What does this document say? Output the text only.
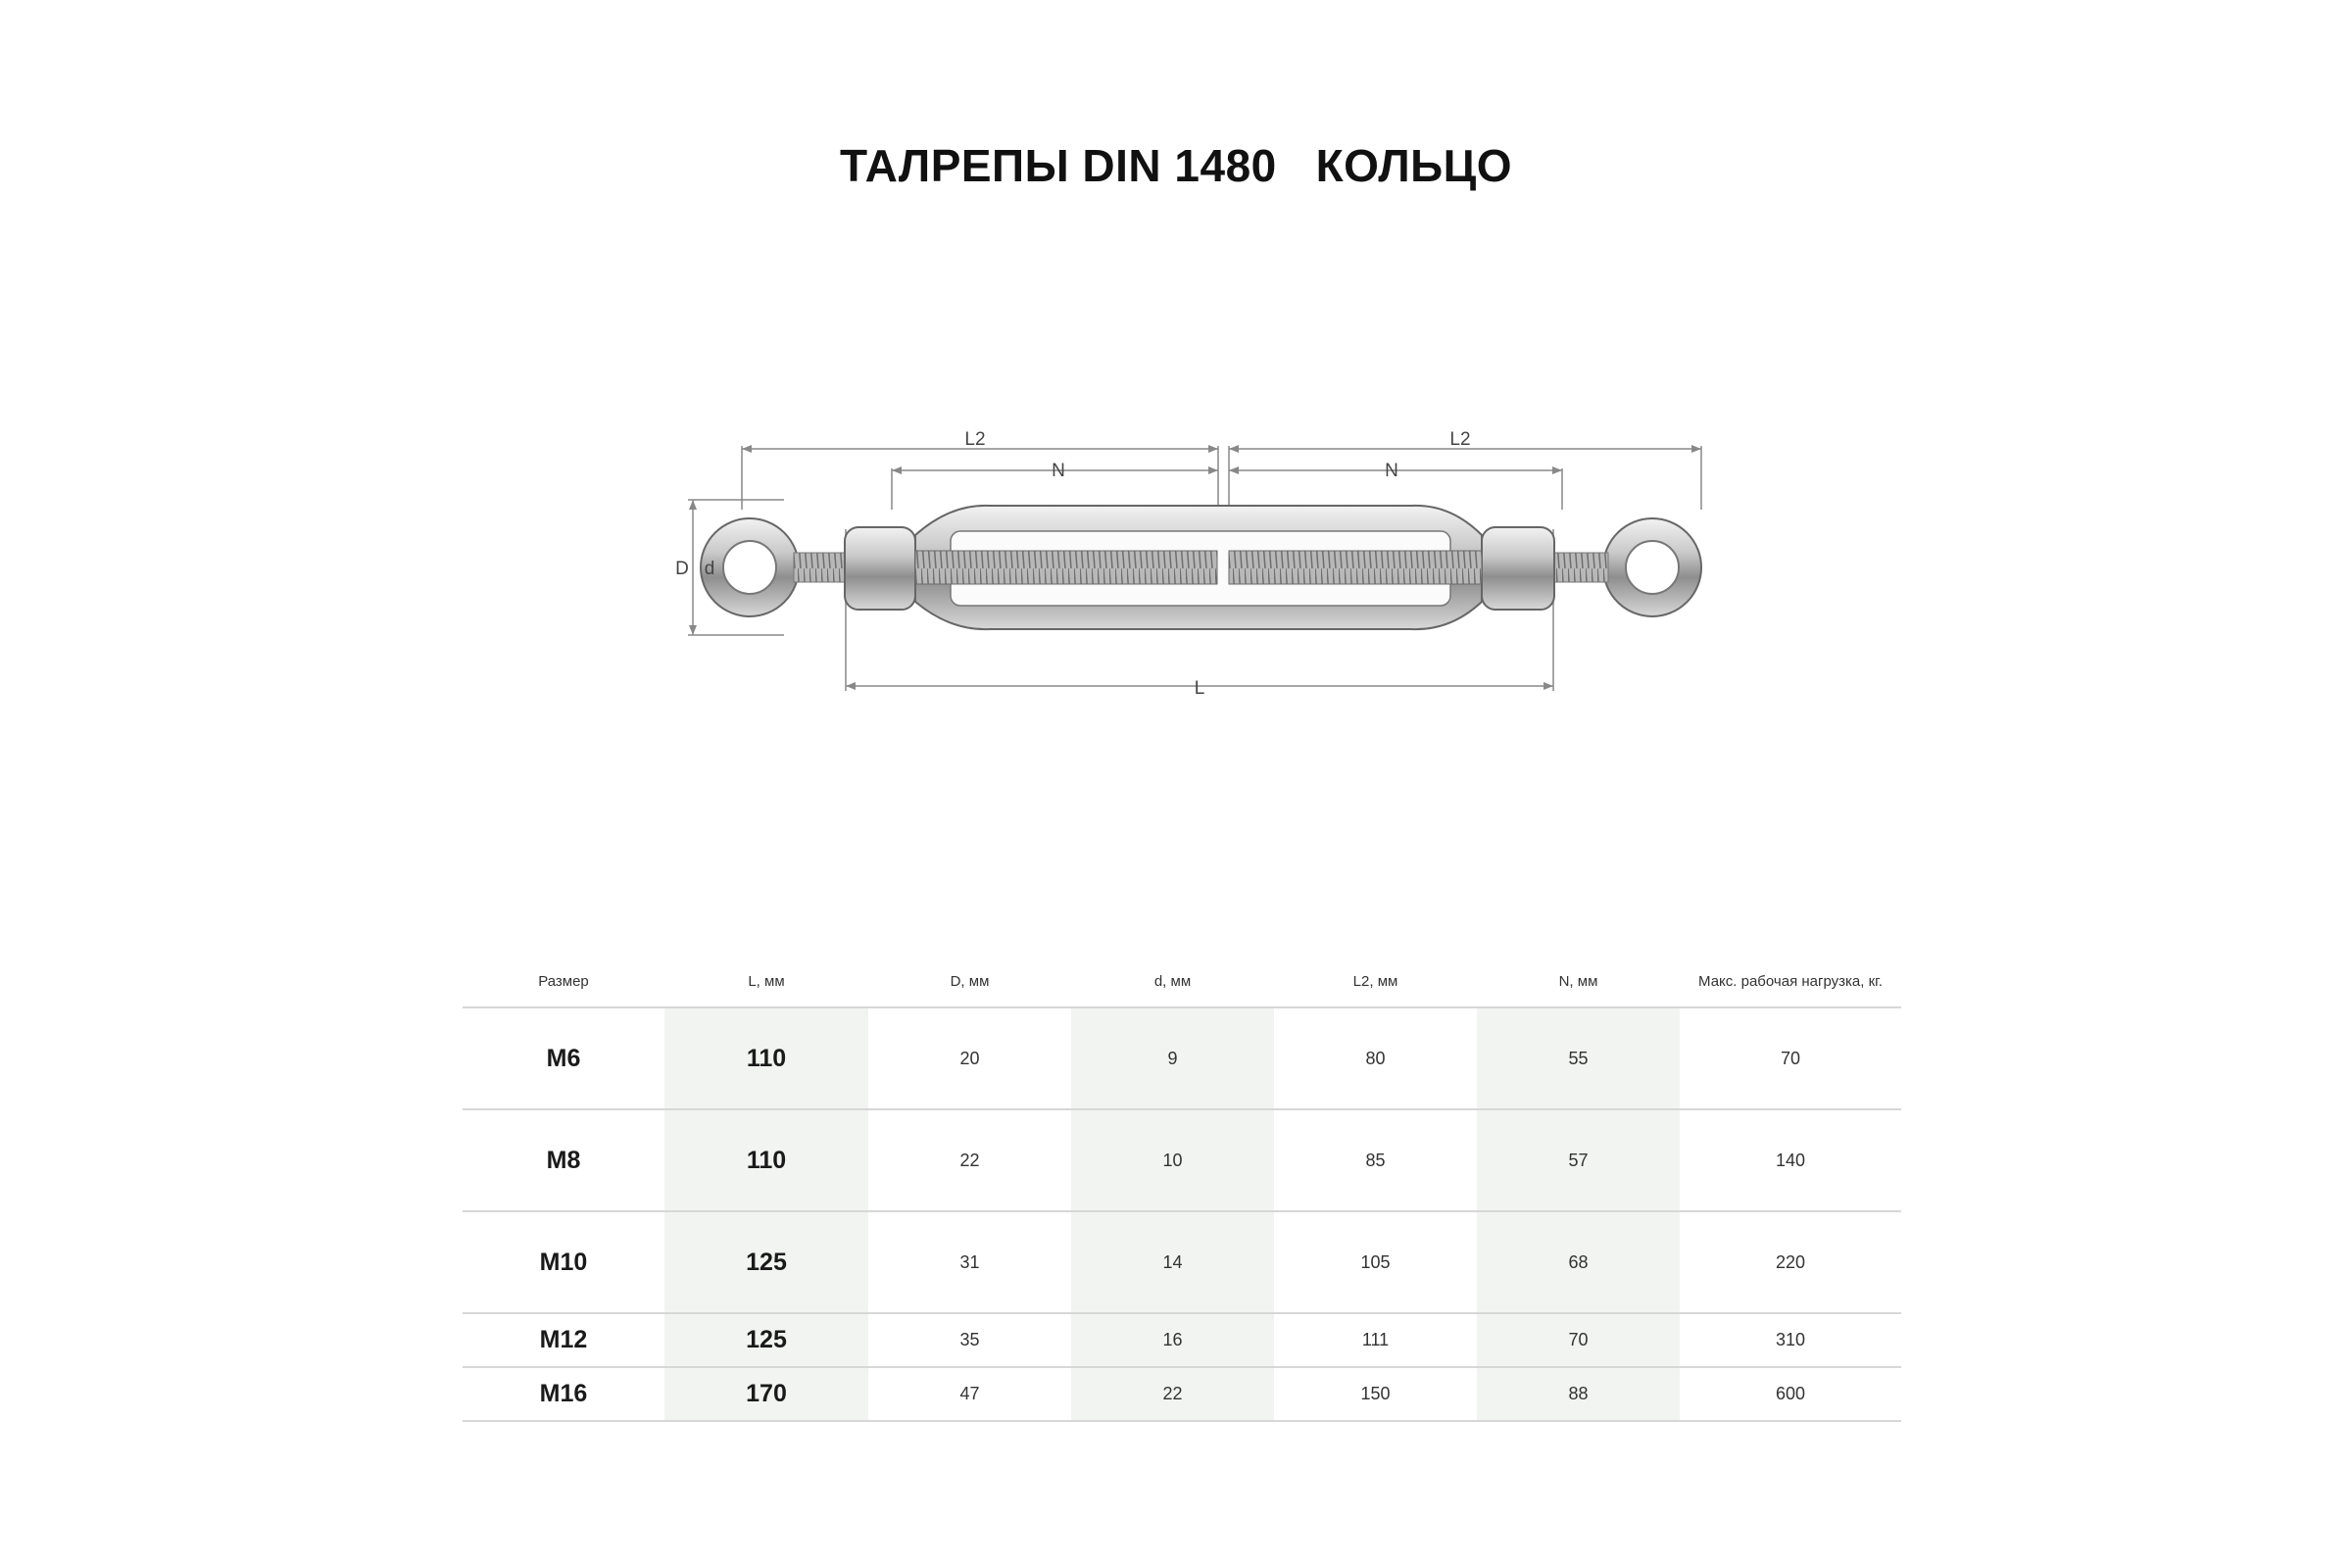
ТАЛРЕПЫ DIN 1480   КОЛЬЦО
L2
N
L2
N
D d
L
Размер	L, мм	D, мм	d, мм	L2, мм	N, мм	Макс. рабочая нагрузка, кг.
M6	110	20	9	80	55	70
M8	110	22	10	85	57	140
M10	125	31	14	105	68	220
M12	125	35	16	111	70	310
M16	170	47	22	150	88	600
